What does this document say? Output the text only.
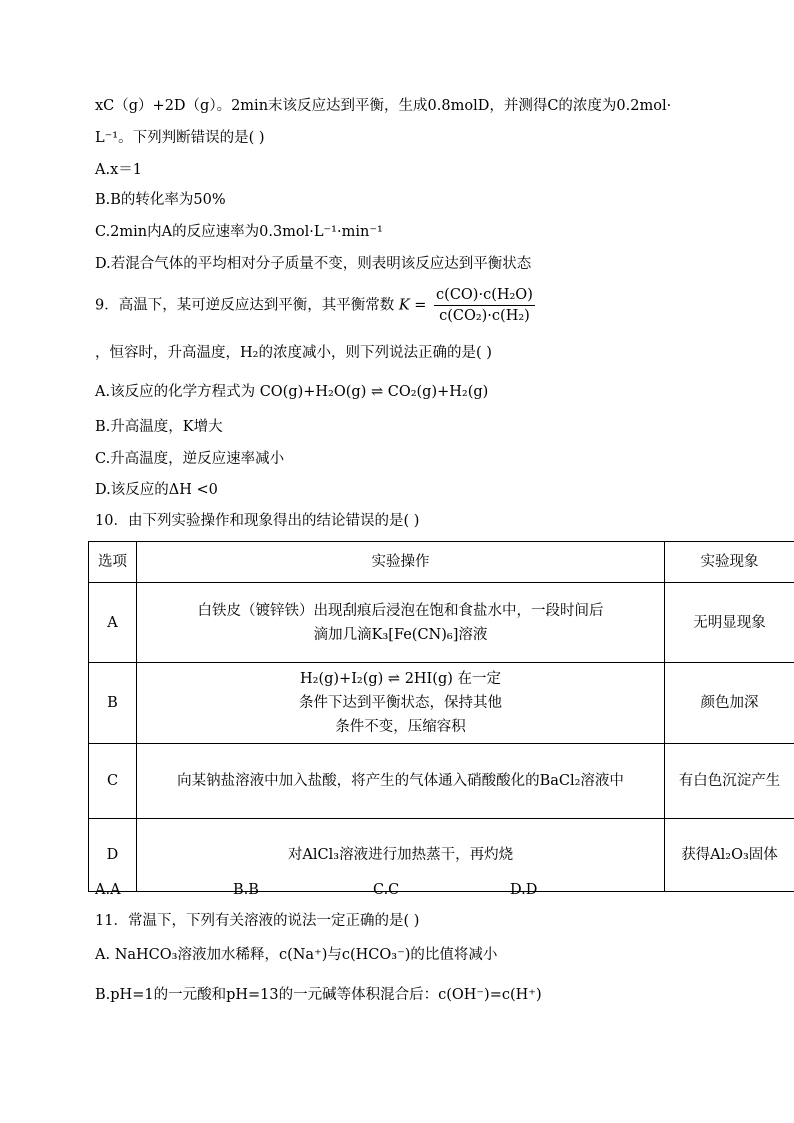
xC（g）+2D（g）。2min末该反应达到平衡，生成0.8molD，并测得C的浓度为0.2mol·
L⁻¹。下列判断错误的是( )
A.x＝1
B.B的转化率为50%
C.2min内A的反应速率为0.3mol·L⁻¹·min⁻¹
D.若混合气体的平均相对分子质量不变，则表明该反应达到平衡状态
9．高温下，某可逆反应达到平衡，其平衡常数 $K = \frac{\text{c(CO)·c(H₂O)}}{\text{c(CO₂)·c(H₂)}}$
，恒容时，升高温度，H₂的浓度减小，则下列说法正确的是( )
A.该反应的化学方程式为 CO(g)+H₂O(g) ⇌ CO₂(g)+H₂(g)
B.升高温度，K增大
C.升高温度，逆反应速率减小
D.该反应的ΔH <0
10．由下列实验操作和现象得出的结论错误的是( )
选项	实验操作	实验现象
A	白铁皮（镀锌铁）出现刮痕后浸泡在饱和食盐水中，一段时间后滴加几滴K₃[Fe(CN)₆]溶液	无明显现象
B	H₂(g)+I₂(g) ⇌ 2HI(g) 在一定条件下达到平衡状态，保持其他条件不变，压缩容积	颜色加深
C	向某钠盐溶液中加入盐酸，将产生的气体通入硝酸酸化的BaCl₂溶液中	有白色沉淀产生
D	对AlCl₃溶液进行加热蒸干，再灼烧	获得Al₂O₃固体
A.A	B.B	C.C	D.D
11．常温下，下列有关溶液的说法一定正确的是( )
A. NaHCO₃溶液加水稀释，c(Na⁺)与c(HCO₃⁻)的比值将减小
B.pH=1的一元酸和pH=13的一元碱等体积混合后：c(OH⁻)=c(H⁺)
